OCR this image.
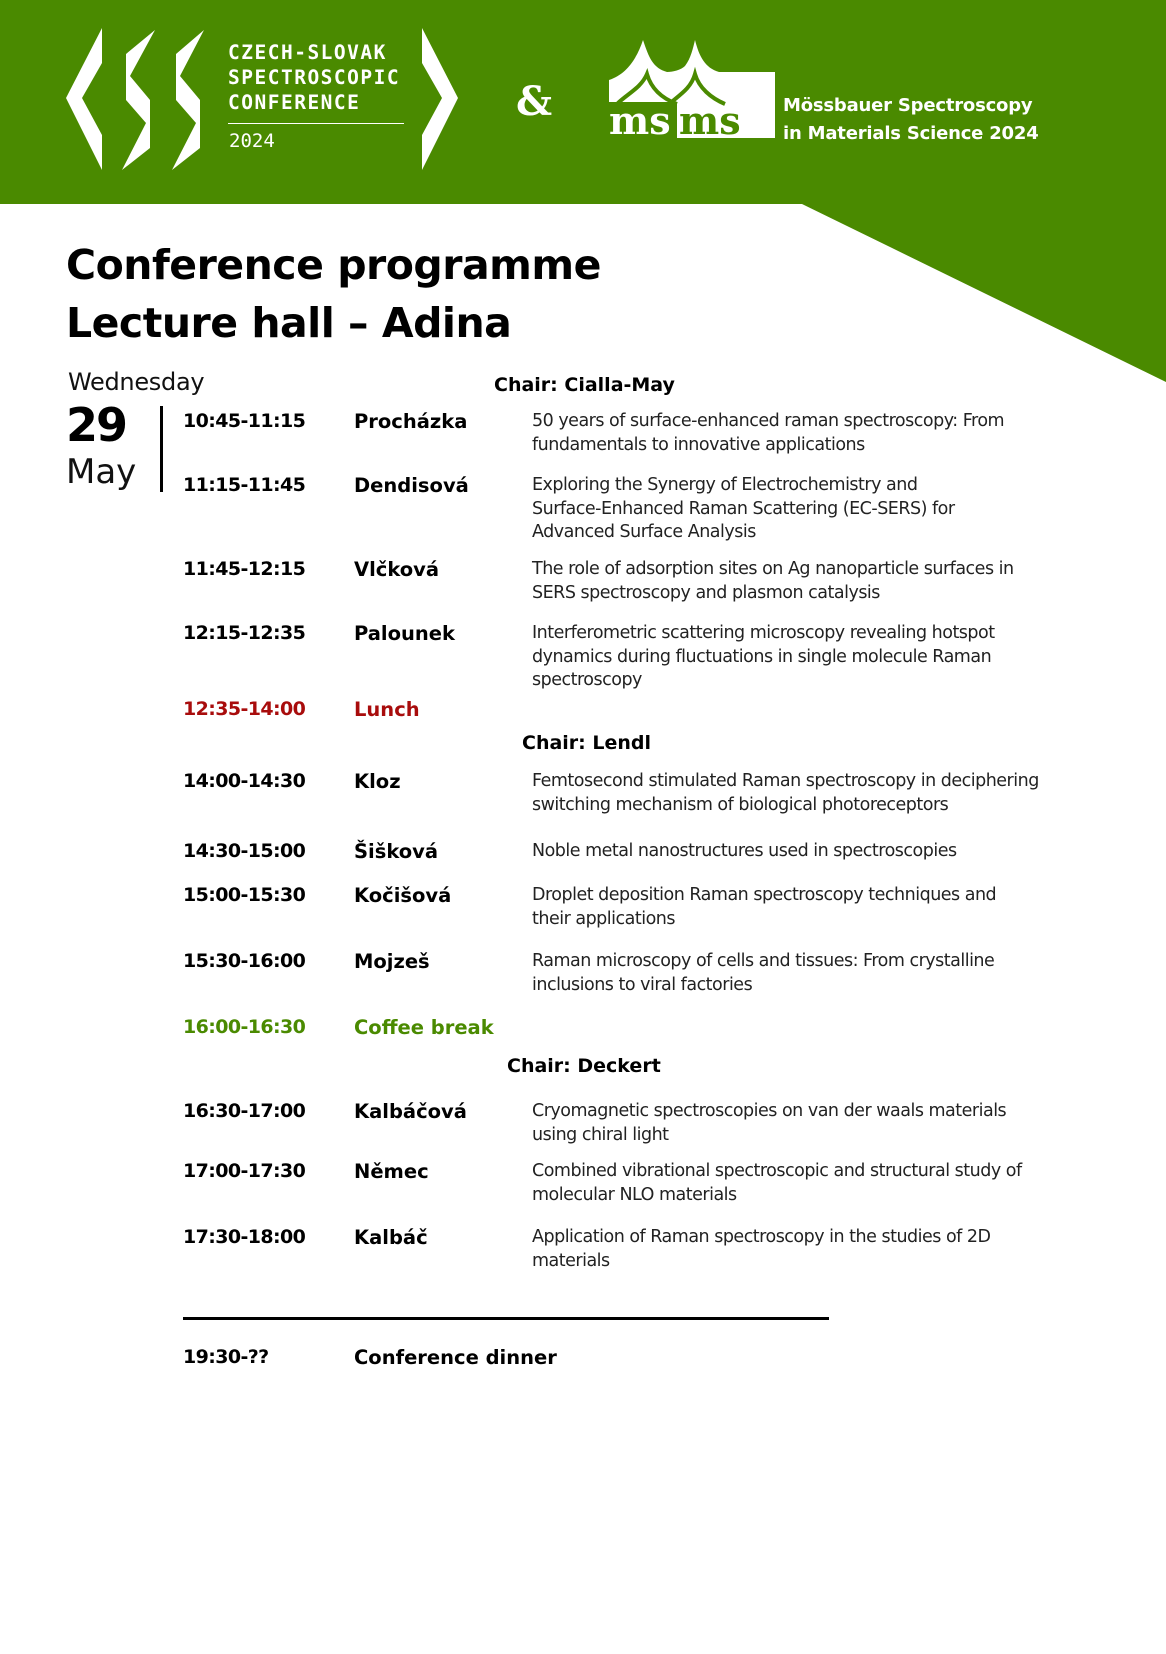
CZECH-SLOVAK
SPECTROSCOPIC
CONFERENCE
2024
& ms ms Mössbauer Spectroscopy
in Materials Science 2024
Conference programme
Lecture hall – Adina
Wednesday
29
May
Chair: Cialla-May
Chair: Lendl
Chair: Deckert
10:45-11:15	Procházka	50 years of surface-enhanced raman spectroscopy: From
fundamentals to innovative applications
11:15-11:45	Dendisová	Exploring the Synergy of Electrochemistry and
Surface-Enhanced Raman Scattering (EC-SERS) for
Advanced Surface Analysis
11:45-12:15	Vlčková	The role of adsorption sites on Ag nanoparticle surfaces in
SERS spectroscopy and plasmon catalysis
12:15-12:35	Palounek	Interferometric scattering microscopy revealing hotspot
dynamics during fluctuations in single molecule Raman
spectroscopy
12:35-14:00	Lunch
14:00-14:30	Kloz	Femtosecond stimulated Raman spectroscopy in deciphering
switching mechanism of biological photoreceptors
14:30-15:00	Šišková	Noble metal nanostructures used in spectroscopies
15:00-15:30	Kočišová	Droplet deposition Raman spectroscopy techniques and
their applications
15:30-16:00	Mojzeš	Raman microscopy of cells and tissues: From crystalline
inclusions to viral factories
16:00-16:30	Coffee break
16:30-17:00	Kalbáčová	Cryomagnetic spectroscopies on van der waals materials
using chiral light
17:00-17:30	Němec	Combined vibrational spectroscopic and structural study of
molecular NLO materials
17:30-18:00	Kalbáč	Application of Raman spectroscopy in the studies of 2D
materials
19:30-??	Conference dinner
